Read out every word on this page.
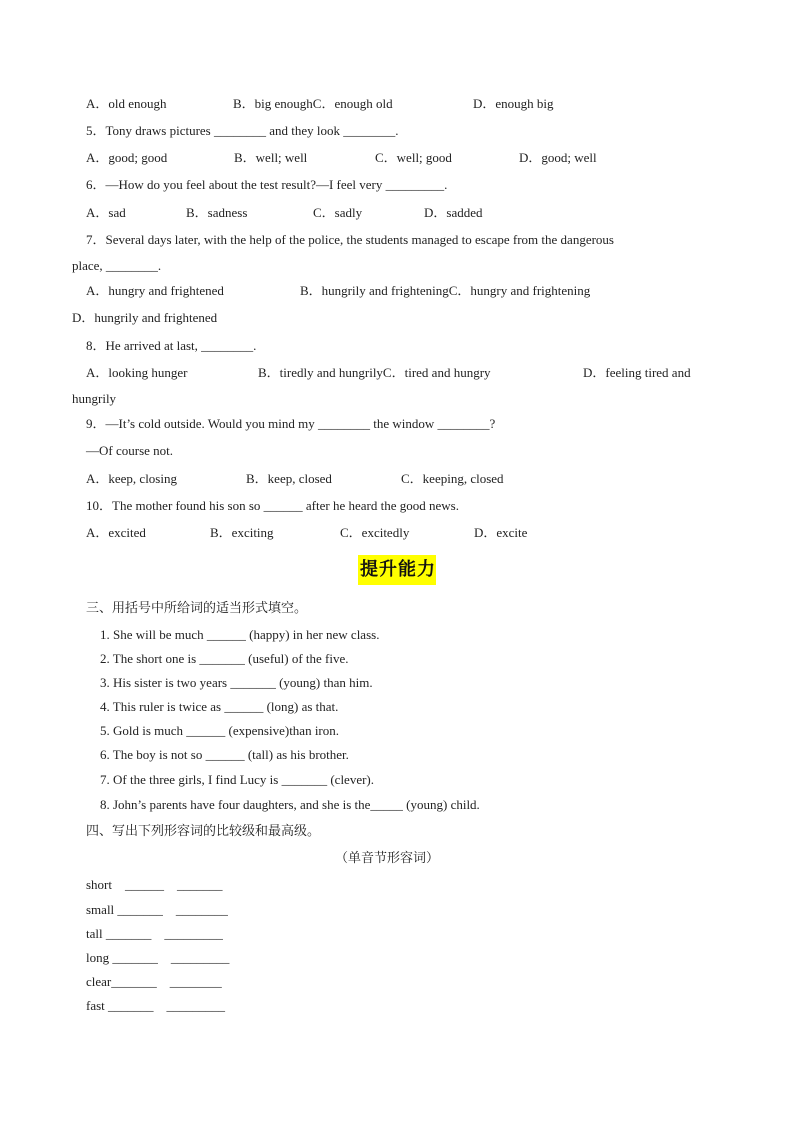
A．old enough	B．big enoughC．enough old	D．enough big
5．Tony draws pictures ________ and they look ________.
A．good; good	B．well; well	C．well; good	D．good; well
6．—How do you feel about the test result?—I feel very _________.
A．sad	B．sadness	C．sadly	D．sadded
7．Several days later, with the help of the police, the students managed to escape from the dangerous
place, ________.
A．hungry and frightened	B．hungrily and frighteningC．hungry and frightening
D．hungrily and frightened
8．He arrived at last, ________.
A．looking hunger	B．tiredly and hungrilyC．tired and hungry	D．feeling tired and
hungrily
9．—It’s cold outside. Would you mind my ________ the window ________?
—Of course not.
A．keep, closing	B．keep, closed	C．keeping, closed
10．The mother found his son so ______ after he heard the good news.
A．excited	B．exciting	C．excitedly	D．excite
提升能力
三、用括号中所给词的适当形式填空。
1. She will be much ______ (happy) in her new class.
2. The short one is _______ (useful) of the five.
3. His sister is two years _______ (young) than him.
4. This ruler is twice as ______ (long) as that.
5. Gold is much ______ (expensive)than iron.
6. The boy is not so ______ (tall) as his brother.
7. Of the three girls, I find Lucy is _______ (clever).
8. John’s parents have four daughters, and she is the_____ (young) child.
四、写出下列形容词的比较级和最高级。
（单音节形容词）
short    ______    _______
small _______    ________
tall _______    _________
long _______    _________
clear_______    ________
fast _______    _________
